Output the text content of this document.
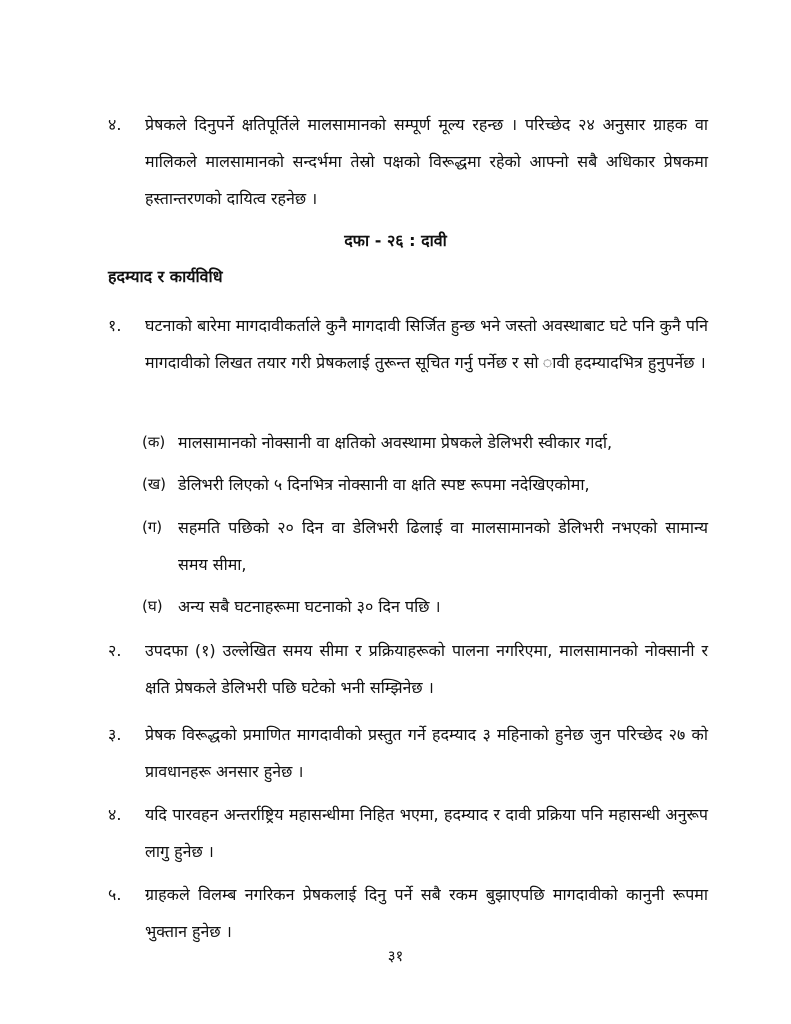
४.	प्रेषकले दिनुपर्ने क्षतिपूर्तिले मालसामानको सम्पूर्ण मूल्य रहन्छ । परिच्छेद २४ अनुसार ग्राहक वा मालिकले मालसामानको सन्दर्भमा तेस्रो पक्षको विरूद्धमा रहेको आफ्नो सबै अधिकार प्रेषकमा हस्तान्तरणको दायित्व रहनेछ ।
दफा - २६ : दावी
हदम्याद र कार्यविधि
१.	घटनाको बारेमा मागदावीकर्ताले कुनै मागदावी सिर्जित हुन्छ भने जस्तो अवस्थाबाट घटे पनि कुनै पनि मागदावीको लिखत तयार गरी प्रेषकलाई तुरून्त सूचित गर्नु पर्नेछ र सो ावी हदम्यादभित्र हुनुपर्नेछ ।
(क) मालसामानको नोक्सानी वा क्षतिको अवस्थामा प्रेषकले डेलिभरी स्वीकार गर्दा,
(ख) डेलिभरी लिएको ५ दिनभित्र नोक्सानी वा क्षति स्पष्ट रूपमा नदेखिएकोमा,
(ग) सहमति पछिको २० दिन वा डेलिभरी ढिलाई वा मालसामानको डेलिभरी नभएको सामान्य समय सीमा,
(घ) अन्य सबै घटनाहरूमा घटनाको ३० दिन पछि ।
२.	उपदफा (१) उल्लेखित समय सीमा र प्रक्रियाहरूको पालना नगरिएमा, मालसामानको नोक्सानी र क्षति प्रेषकले डेलिभरी पछि घटेको भनी सम्झिनेछ ।
३.	प्रेषक विरूद्धको प्रमाणित मागदावीको प्रस्तुत गर्ने हदम्याद ३ महिनाको हुनेछ जुन परिच्छेद २७ को प्रावधानहरू अनसार हुनेछ ।
४.	यदि पारवहन अन्तर्राष्ट्रिय महासन्धीमा निहित भएमा, हदम्याद र दावी प्रक्रिया पनि महासन्धी अनुरूप लागु हुनेछ ।
५.	ग्राहकले विलम्ब नगरिकन प्रेषकलाई दिनु पर्ने सबै रकम बुझाएपछि मागदावीको कानुनी रूपमा भुक्तान हुनेछ ।
३१
